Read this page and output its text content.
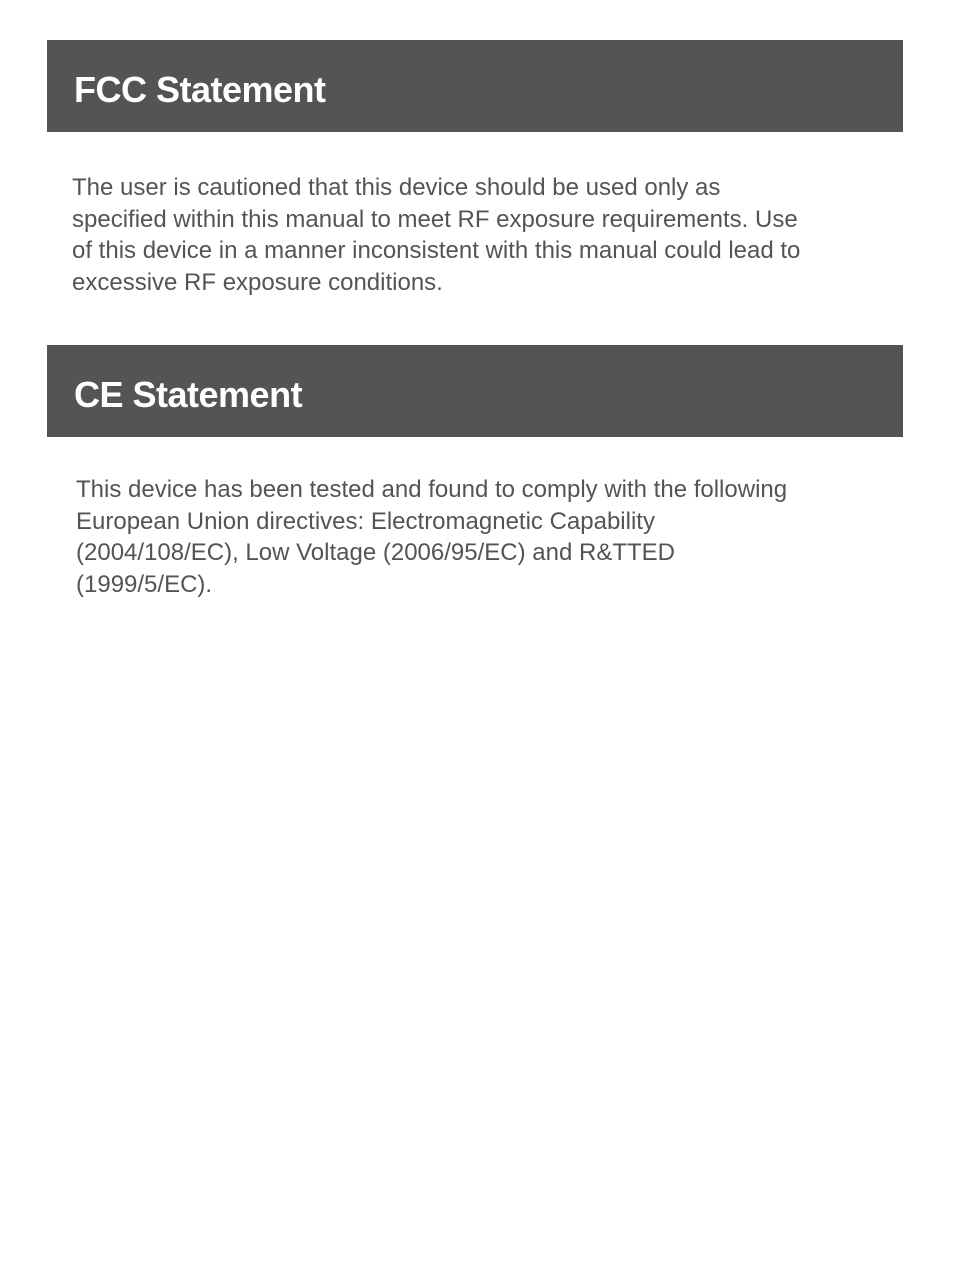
FCC Statement

The user is cautioned that this device should be used only as
specified within this manual to meet RF exposure requirements. Use
of this device in a manner inconsistent with this manual could lead to
excessive RF exposure conditions.

CE Statement

This device has been tested and found to comply with the following
European Union directives: Electromagnetic Capability
(2004/108/EC), Low Voltage (2006/95/EC) and R&TTED
(1999/5/EC).
